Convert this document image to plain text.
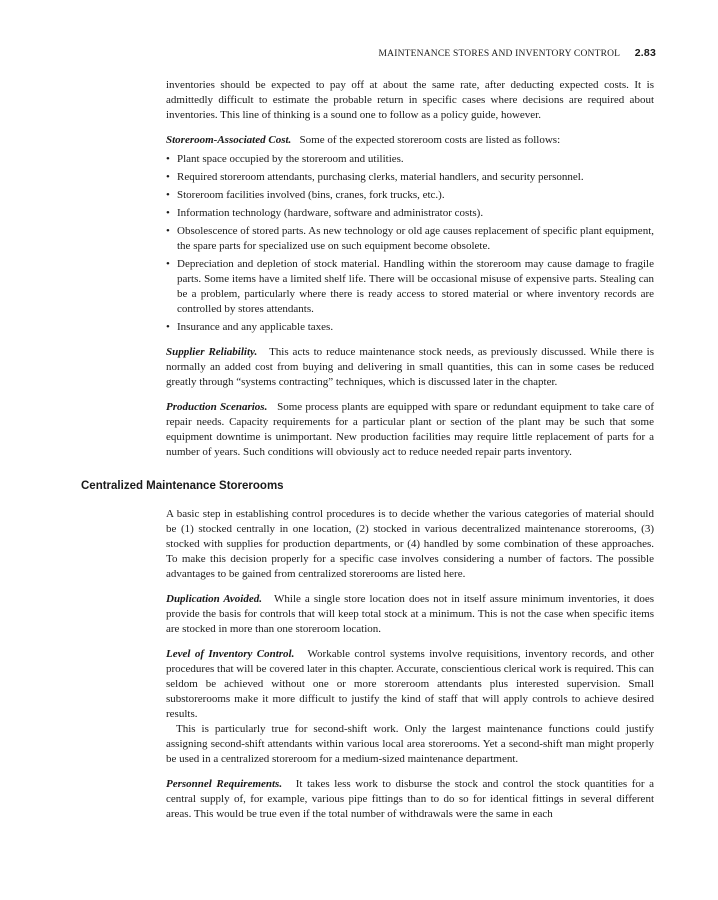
MAINTENANCE STORES AND INVENTORY CONTROL 2.83

inventories should be expected to pay off at about the same rate, after deducting expected costs. It is admittedly difficult to estimate the probable return in specific cases where decisions are required about inventories. This line of thinking is a sound one to follow as a policy guide, however.

Storeroom-Associated Cost. Some of the expected storeroom costs are listed as follows:

• Plant space occupied by the storeroom and utilities.
• Required storeroom attendants, purchasing clerks, material handlers, and security personnel.
• Storeroom facilities involved (bins, cranes, fork trucks, etc.).
• Information technology (hardware, software and administrator costs).
• Obsolescence of stored parts. As new technology or old age causes replacement of specific plant equipment, the spare parts for specialized use on such equipment become obsolete.
• Depreciation and depletion of stock material. Handling within the storeroom may cause damage to fragile parts. Some items have a limited shelf life. There will be occasional misuse of expensive parts. Stealing can be a problem, particularly where there is ready access to stored material or where inventory records are controlled by stores attendants.
• Insurance and any applicable taxes.

Supplier Reliability. This acts to reduce maintenance stock needs, as previously discussed. While there is normally an added cost from buying and delivering in small quantities, this can in some cases be reduced greatly through “systems contracting” techniques, which is discussed later in the chapter.

Production Scenarios. Some process plants are equipped with spare or redundant equipment to take care of repair needs. Capacity requirements for a particular plant or section of the plant may be such that some equipment downtime is unimportant. New production facilities may require little replacement of parts for a number of years. Such conditions will obviously act to reduce needed repair parts inventory.

Centralized Maintenance Storerooms

A basic step in establishing control procedures is to decide whether the various categories of material should be (1) stocked centrally in one location, (2) stocked in various decentralized maintenance storerooms, (3) stocked with supplies for production departments, or (4) handled by some combination of these approaches. To make this decision properly for a specific case involves considering a number of factors. The possible advantages to be gained from centralized storerooms are listed here.

Duplication Avoided. While a single store location does not in itself assure minimum inventories, it does provide the basis for controls that will keep total stock at a minimum. This is not the case when specific items are stocked in more than one storeroom location.

Level of Inventory Control. Workable control systems involve requisitions, inventory records, and other procedures that will be covered later in this chapter. Accurate, conscientious clerical work is required. This can seldom be achieved without one or more storeroom attendants plus interested supervision. Small substorerooms make it more difficult to justify the kind of staff that will apply controls to achieve desired results.

This is particularly true for second-shift work. Only the largest maintenance functions could justify assigning second-shift attendants within various local area storerooms. Yet a second-shift man might properly be used in a centralized storeroom for a medium-sized maintenance department.

Personnel Requirements. It takes less work to disburse the stock and control the stock quantities for a central supply of, for example, various pipe fittings than to do so for identical fittings in several different areas. This would be true even if the total number of withdrawals were the same in each
